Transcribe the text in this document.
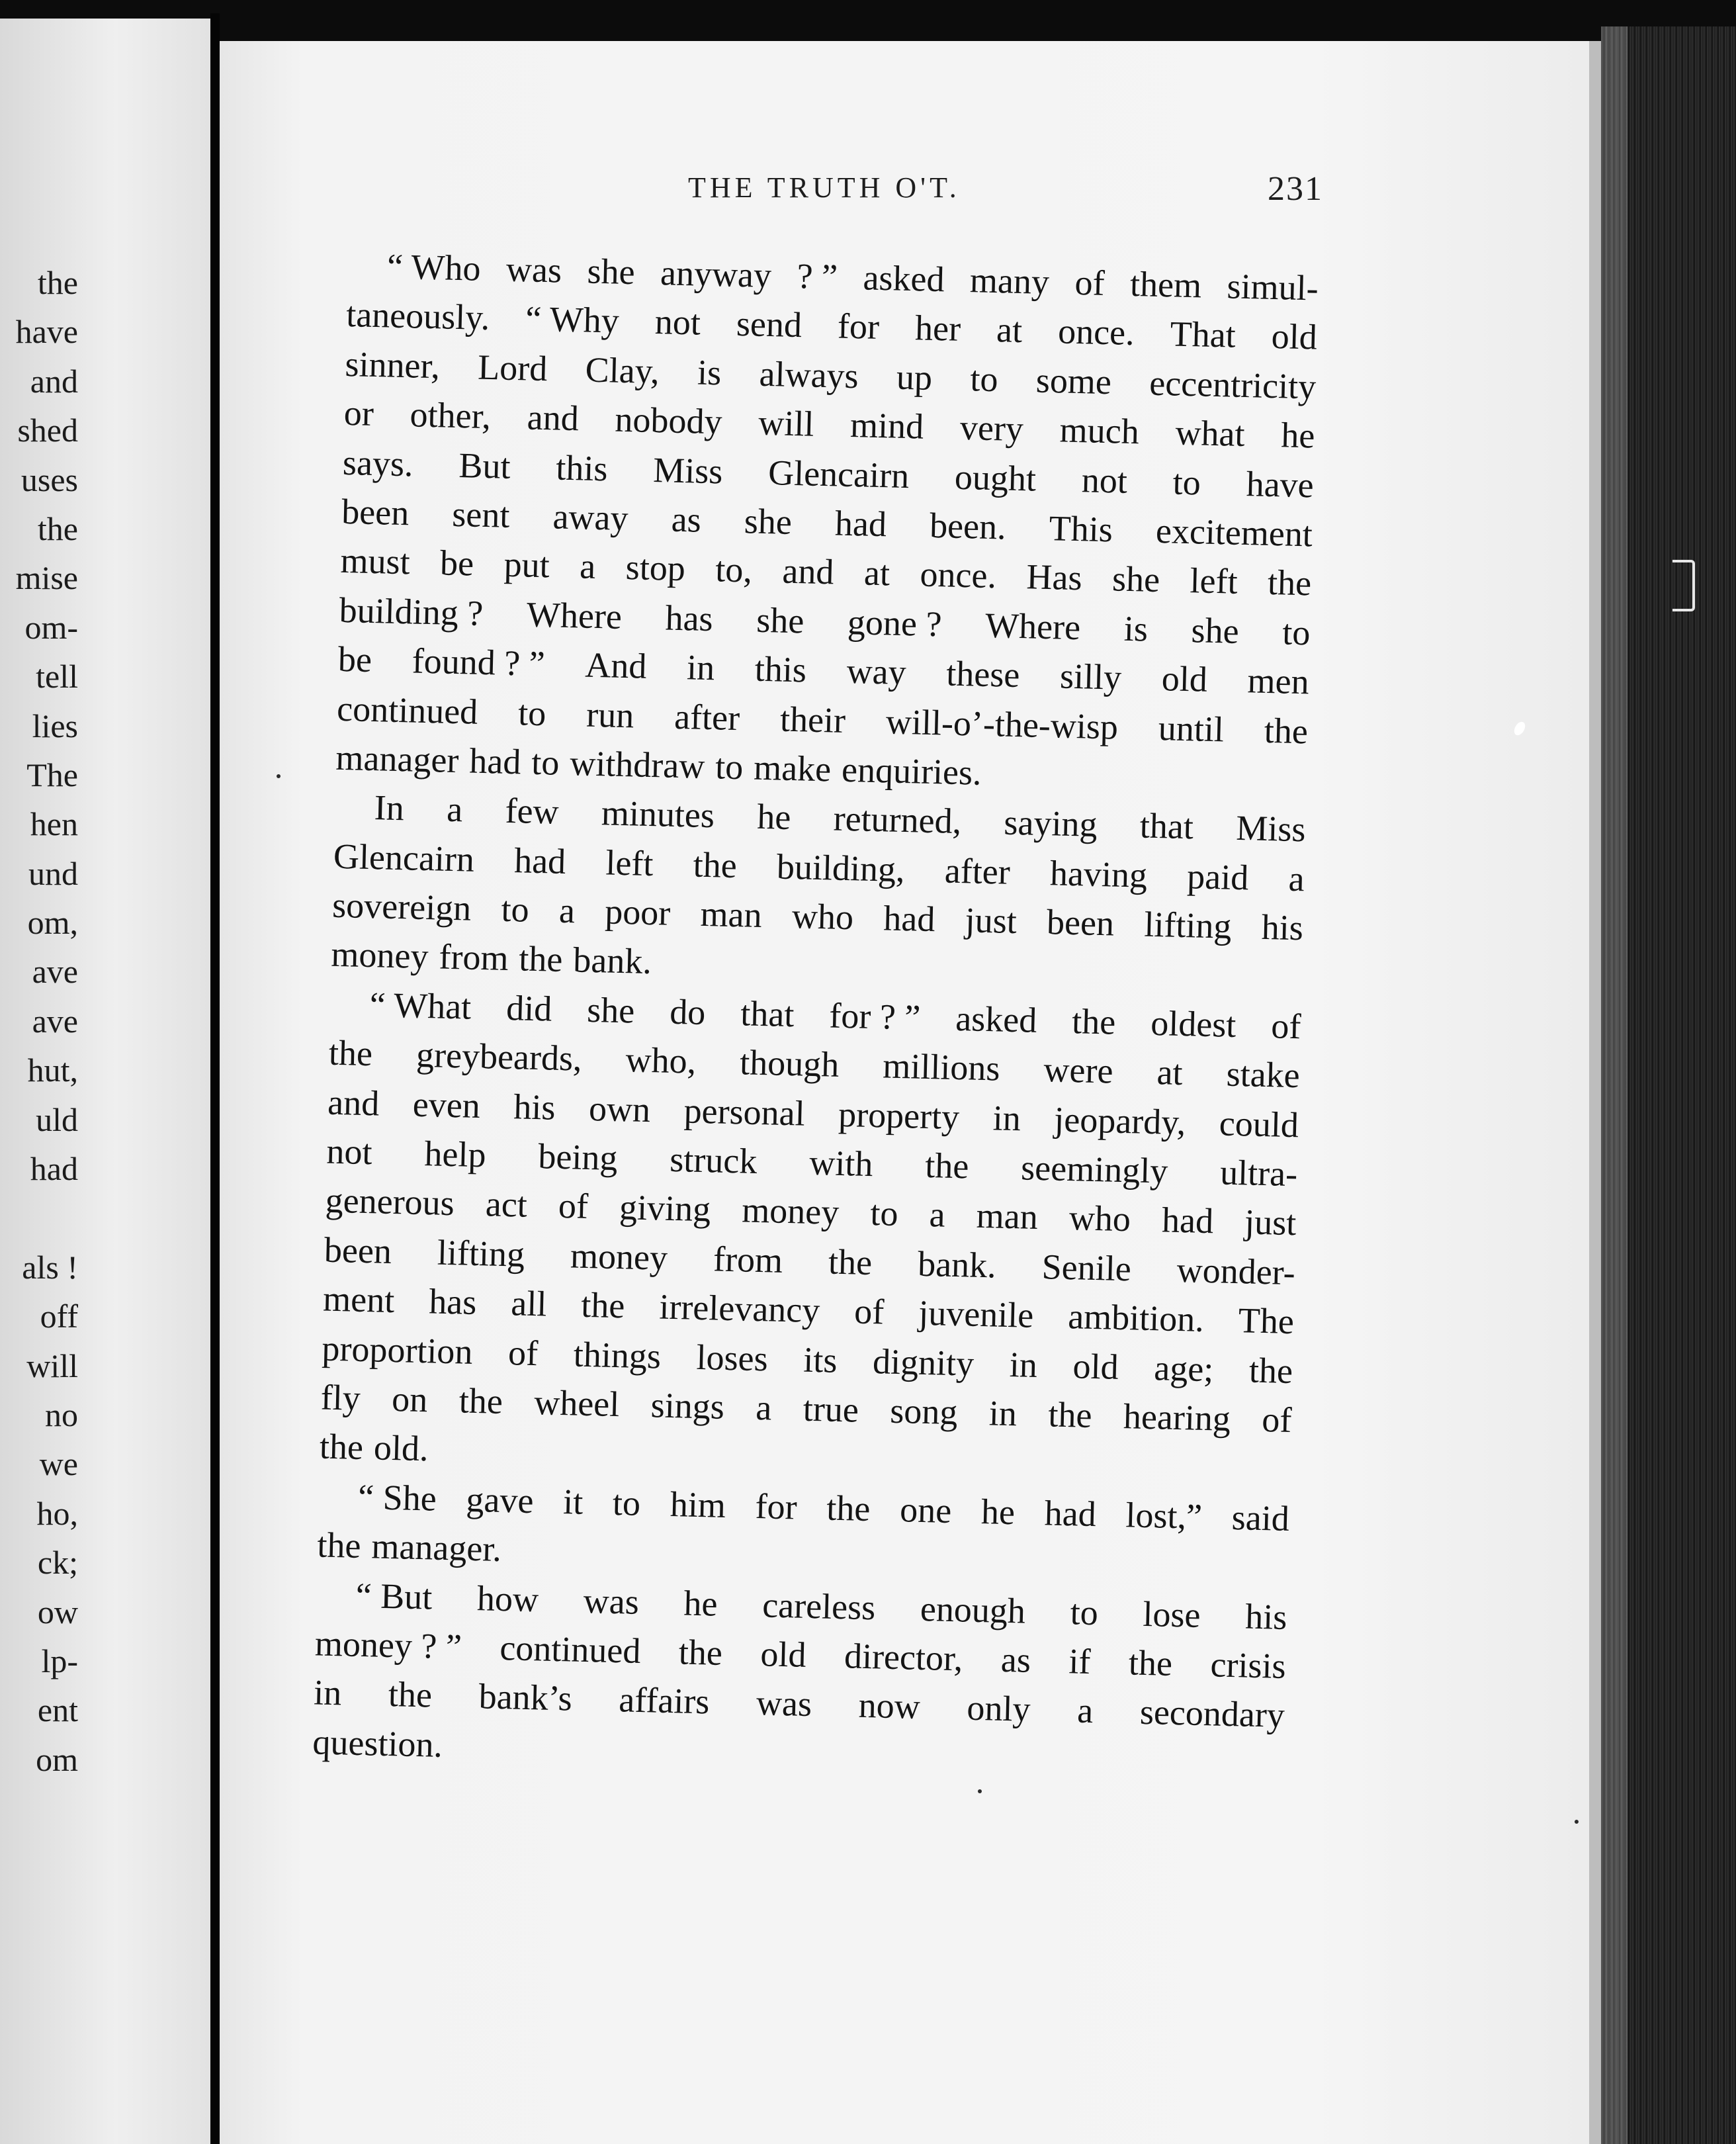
the
have
and
shed
uses
the
mise
om-
tell
lies
The
hen
und
om,
ave
ave
hut,
uld
had
als !
off
will
no
we
ho,
ck;
ow
lp-
ent
om
THE TRUTH O'T.	231
“ Who was she anyway ? ” asked many of them simul-
taneously. “ Why not send for her at once. That old
sinner, Lord Clay, is always up to some eccentricity
or other, and nobody will mind very much what he
says. But this Miss Glencairn ought not to have
been sent away as she had been. This excitement
must be put a stop to, and at once. Has she left the
building ? Where has she gone ? Where is she to
be found ? ” And in this way these silly old men
continued to run after their will-o’-the-wisp until the
manager had to withdraw to make enquiries.
In a few minutes he returned, saying that Miss
Glencairn had left the building, after having paid a
sovereign to a poor man who had just been lifting his
money from the bank.
“ What did she do that for ? ” asked the oldest of
the greybeards, who, though millions were at stake
and even his own personal property in jeopardy, could
not help being struck with the seemingly ultra-
generous act of giving money to a man who had just
been lifting money from the bank. Senile wonder-
ment has all the irrelevancy of juvenile ambition. The
proportion of things loses its dignity in old age; the
fly on the wheel sings a true song in the hearing of
the old.
“ She gave it to him for the one he had lost,” said
the manager.
“ But how was he careless enough to lose his
money ? ” continued the old director, as if the crisis
in the bank’s affairs was now only a secondary
question.
